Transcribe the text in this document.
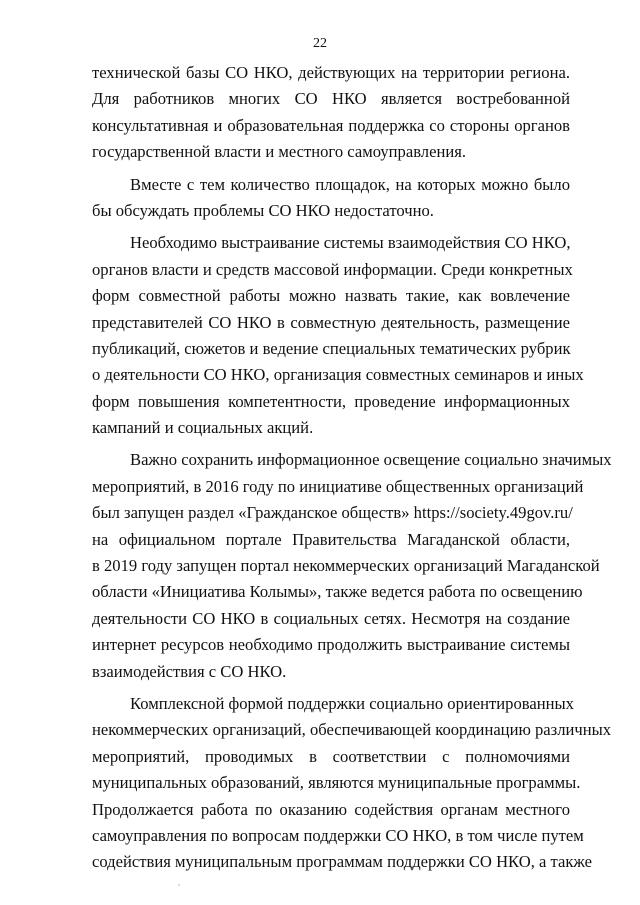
22
технической базы СО НКО, действующих на территории региона.
Для работников многих СО НКО является востребованной
консультативная и образовательная поддержка со стороны органов
государственной власти и местного самоуправления.
Вместе с тем количество площадок, на которых можно было
бы обсуждать проблемы СО НКО недостаточно.
Необходимо выстраивание системы взаимодействия СО НКО,
органов власти и средств массовой информации. Среди конкретных
форм совместной работы можно назвать такие, как вовлечение
представителей СО НКО в совместную деятельность, размещение
публикаций, сюжетов и ведение специальных тематических рубрик
о деятельности СО НКО, организация совместных семинаров и иных
форм повышения компетентности, проведение информационных
кампаний и социальных акций.
Важно сохранить информационное освещение социально значимых
мероприятий, в 2016 году по инициативе общественных организаций
был запущен раздел «Гражданское обществ» https://society.49gov.ru/
на официальном портале Правительства Магаданской области,
в 2019 году запущен портал некоммерческих организаций Магаданской
области «Инициатива Колымы», также ведется работа по освещению
деятельности СО НКО в социальных сетях. Несмотря на создание
интернет ресурсов необходимо продолжить выстраивание системы
взаимодействия с СО НКО.
Комплексной формой поддержки социально ориентированных
некоммерческих организаций, обеспечивающей координацию различных
мероприятий, проводимых в соответствии с полномочиями
муниципальных образований, являются муниципальные программы.
Продолжается работа по оказанию содействия органам местного
самоуправления по вопросам поддержки СО НКО, в том числе путем
содействия муниципальным программам поддержки СО НКО, а также
